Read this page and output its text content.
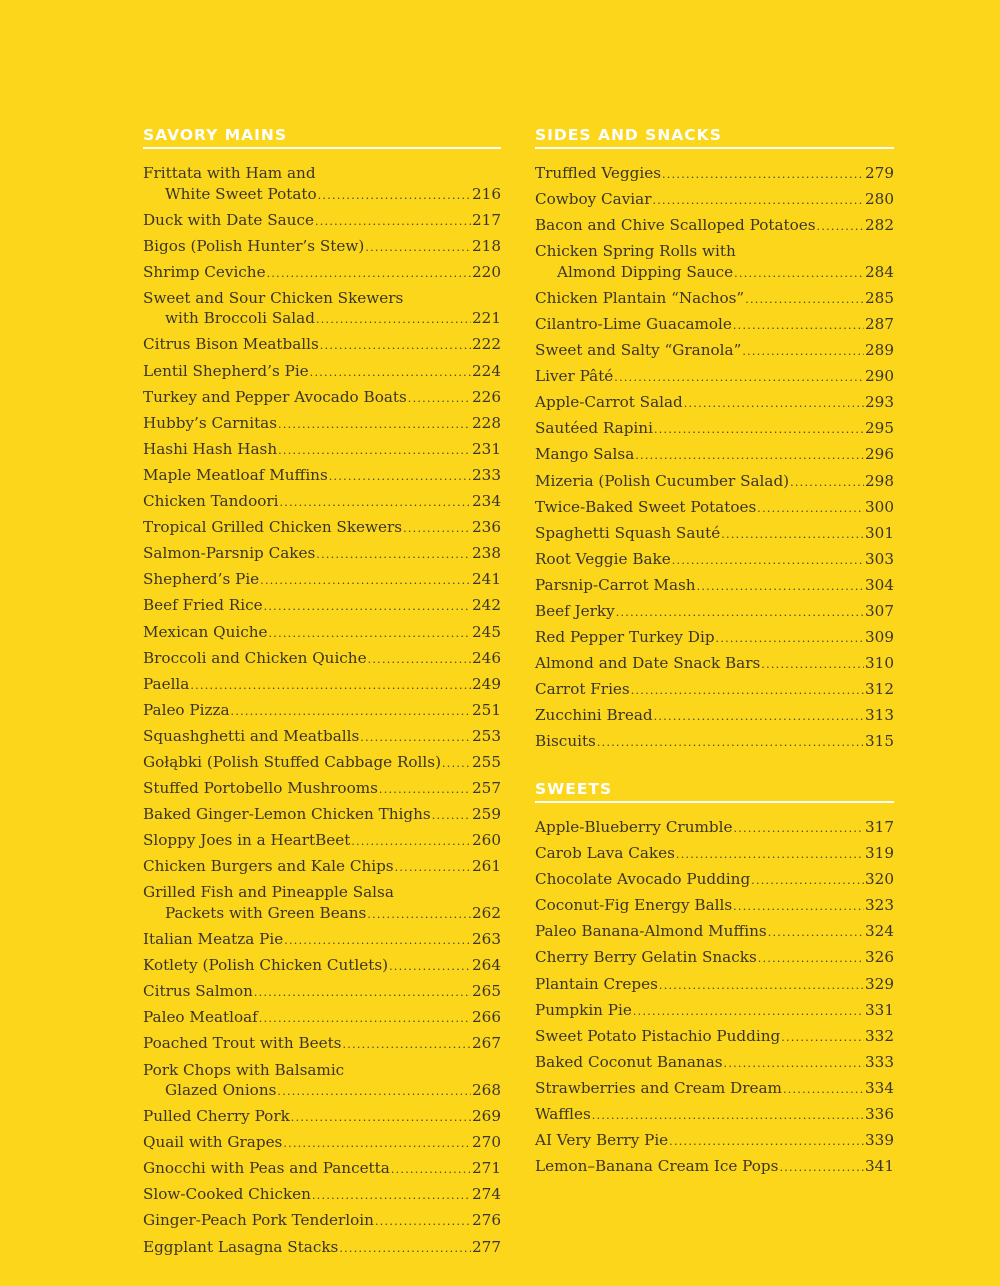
SAVORY MAINS
Frittata with Ham and
White Sweet Potato .....	216
Duck with Date Sauce .....	217
Bigos (Polish Hunter’s Stew) .....	218
Shrimp Ceviche .....	220
Sweet and Sour Chicken Skewers
with Broccoli Salad .....	221
Citrus Bison Meatballs .....	222
Lentil Shepherd’s Pie .....	224
Turkey and Pepper Avocado Boats .....	226
Hubby’s Carnitas .....	228
Hashi Hash Hash .....	231
Maple Meatloaf Muffins .....	233
Chicken Tandoori .....	234
Tropical Grilled Chicken Skewers .....	236
Salmon-Parsnip Cakes .....	238
Shepherd’s Pie .....	241
Beef Fried Rice .....	242
Mexican Quiche .....	245
Broccoli and Chicken Quiche .....	246
Paella .....	249
Paleo Pizza .....	251
Squashghetti and Meatballs .....	253
Gołąbki (Polish Stuffed Cabbage Rolls) ..... 255
Stuffed Portobello Mushrooms .....	257
Baked Ginger-Lemon Chicken Thighs .....	259
Sloppy Joes in a HeartBeet .....	260
Chicken Burgers and Kale Chips .....	261
Grilled Fish and Pineapple Salsa
Packets with Green Beans .....	262
Italian Meatza Pie .....	263
Kotlety (Polish Chicken Cutlets) .....	264
Citrus Salmon .....	265
Paleo Meatloaf .....	266
Poached Trout with Beets .....	267
Pork Chops with Balsamic
Glazed Onions .....	268
Pulled Cherry Pork .....	269
Quail with Grapes .....	270
Gnocchi with Peas and Pancetta .....	271
Slow-Cooked Chicken .....	274
Ginger-Peach Pork Tenderloin .....	276
Eggplant Lasagna Stacks .....	277
SIDES AND SNACKS
Truffled Veggies .....	279
Cowboy Caviar .....	280
Bacon and Chive Scalloped Potatoes .....	282
Chicken Spring Rolls with
Almond Dipping Sauce .....	284
Chicken Plantain “Nachos” .....	285
Cilantro-Lime Guacamole .....	287
Sweet and Salty “Granola” .....	289
Liver Pâté .....	290
Apple-Carrot Salad .....	293
Sautéed Rapini .....	295
Mango Salsa .....	296
Mizeria (Polish Cucumber Salad) .....	298
Twice-Baked Sweet Potatoes .....	300
Spaghetti Squash Sauté .....	301
Root Veggie Bake .....	303
Parsnip-Carrot Mash .....	304
Beef Jerky .....	307
Red Pepper Turkey Dip .....	309
Almond and Date Snack Bars .....	310
Carrot Fries .....	312
Zucchini Bread .....	313
Biscuits .....	315
SWEETS
Apple-Blueberry Crumble .....	317
Carob Lava Cakes .....	319
Chocolate Avocado Pudding .....	320
Coconut-Fig Energy Balls .....	323
Paleo Banana-Almond Muffins .....	324
Cherry Berry Gelatin Snacks .....	326
Plantain Crepes .....	329
Pumpkin Pie .....	331
Sweet Potato Pistachio Pudding .....	332
Baked Coconut Bananas .....	333
Strawberries and Cream Dream .....	334
Waffles .....	336
AI Very Berry Pie .....	339
Lemon–Banana Cream Ice Pops .....	341
